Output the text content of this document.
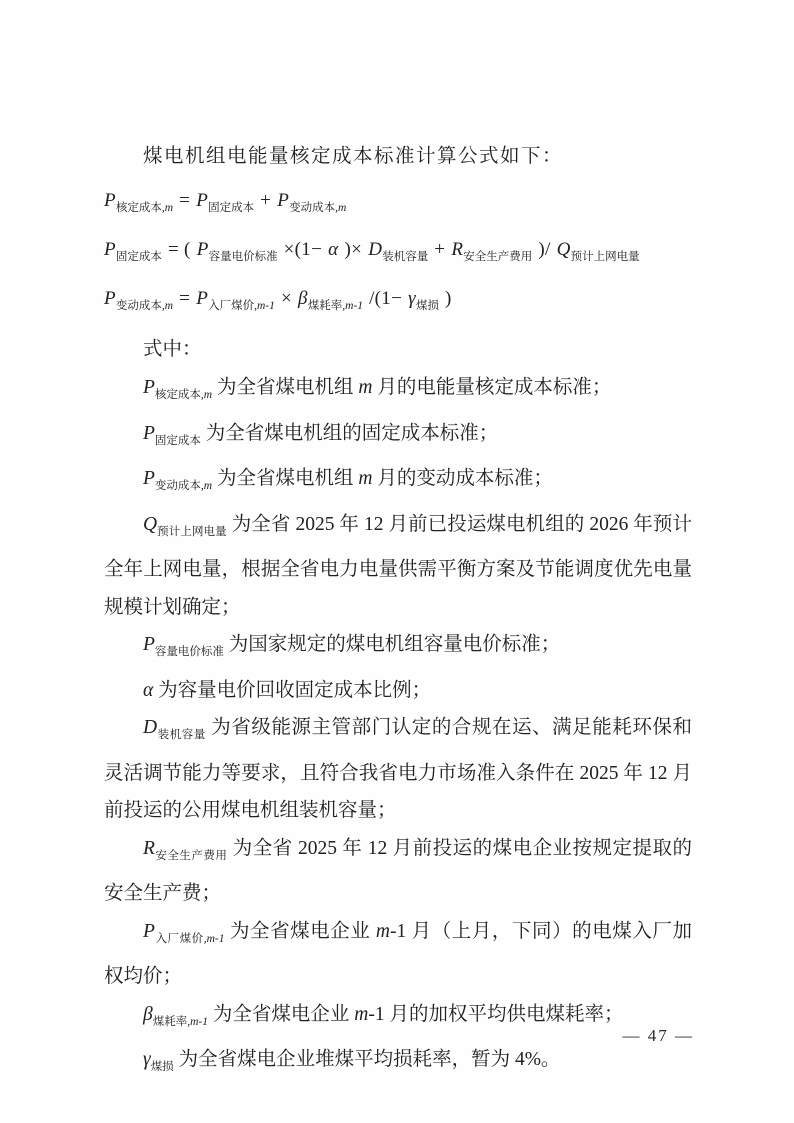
煤电机组电能量核定成本标准计算公式如下：

$P_{核定成本,m} = P_{固定成本} + P_{变动成本,m}$
$P_{固定成本}$ = ( $P_{容量电价标准} \times(1- \alpha$ )× $D_{装机容量} + R_{安全生产费用}$ )/ $Q_{预计上网电量}$
$P_{变动成本,m} = P_{入厂煤价,m-1} \times \beta_{煤耗率,m-1}$ $/(1- \gamma_{煤损}$ )

式中：

$P_{核定成本,m}$ 为全省煤电机组 m 月的电能量核定成本标准；

$P_{固定成本}$ 为全省煤电机组的固定成本标准；

$P_{变动成本,m}$ 为全省煤电机组 m 月的变动成本标准；

$Q_{预计上网电量}$ 为全省 2025 年 12 月前已投运煤电机组的 2026 年预计全年上网电量，根据全省电力电量供需平衡方案及节能调度优先电量规模计划确定；

$P_{容量电价标准}$ 为国家规定的煤电机组容量电价标准；

α 为容量电价回收固定成本比例；

$D_{装机容量}$ 为省级能源主管部门认定的合规在运、满足能耗环保和灵活调节能力等要求，且符合我省电力市场准入条件在 2025 年 12 月前投运的公用煤电机组装机容量；

$R_{安全生产费用}$ 为全省 2025 年 12 月前投运的煤电企业按规定提取的安全生产费；

$P_{入厂煤价,m-1}$ 为全省煤电企业 m-1 月（上月，下同）的电煤入厂加权均价；

$\beta_{煤耗率,m-1}$ 为全省煤电企业 m-1 月的加权平均供电煤耗率；

$\gamma_{煤损}$ 为全省煤电企业堆煤平均损耗率，暂为 4%。

— 47 —
